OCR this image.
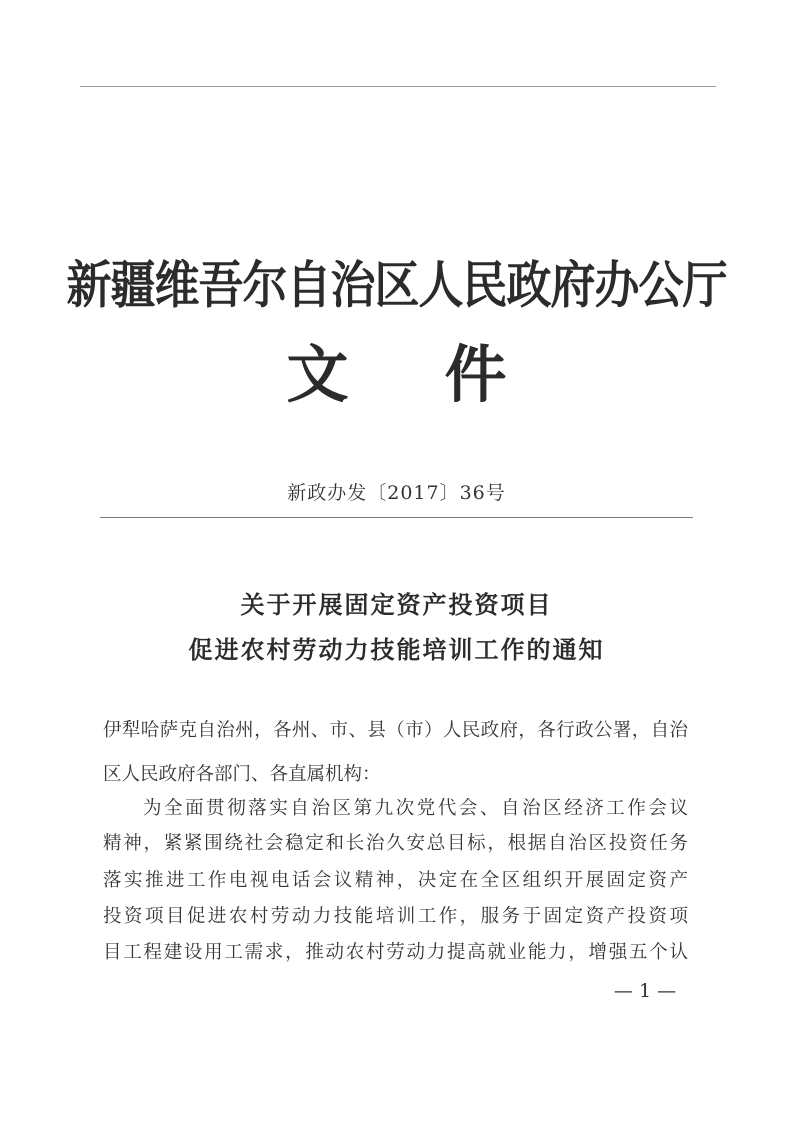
新疆维吾尔自治区人民政府办公厅
文件
新政办发〔2017〕36号
关于开展固定资产投资项目
促进农村劳动力技能培训工作的通知
伊犁哈萨克自治州，各州、市、县（市）人民政府，各行政公署，自治
区人民政府各部门、各直属机构：
为全面贯彻落实自治区第九次党代会、自治区经济工作会议
精神，紧紧围绕社会稳定和长治久安总目标，根据自治区投资任务
落实推进工作电视电话会议精神，决定在全区组织开展固定资产
投资项目促进农村劳动力技能培训工作，服务于固定资产投资项
目工程建设用工需求，推动农村劳动力提高就业能力，增强五个认
— 1 —
